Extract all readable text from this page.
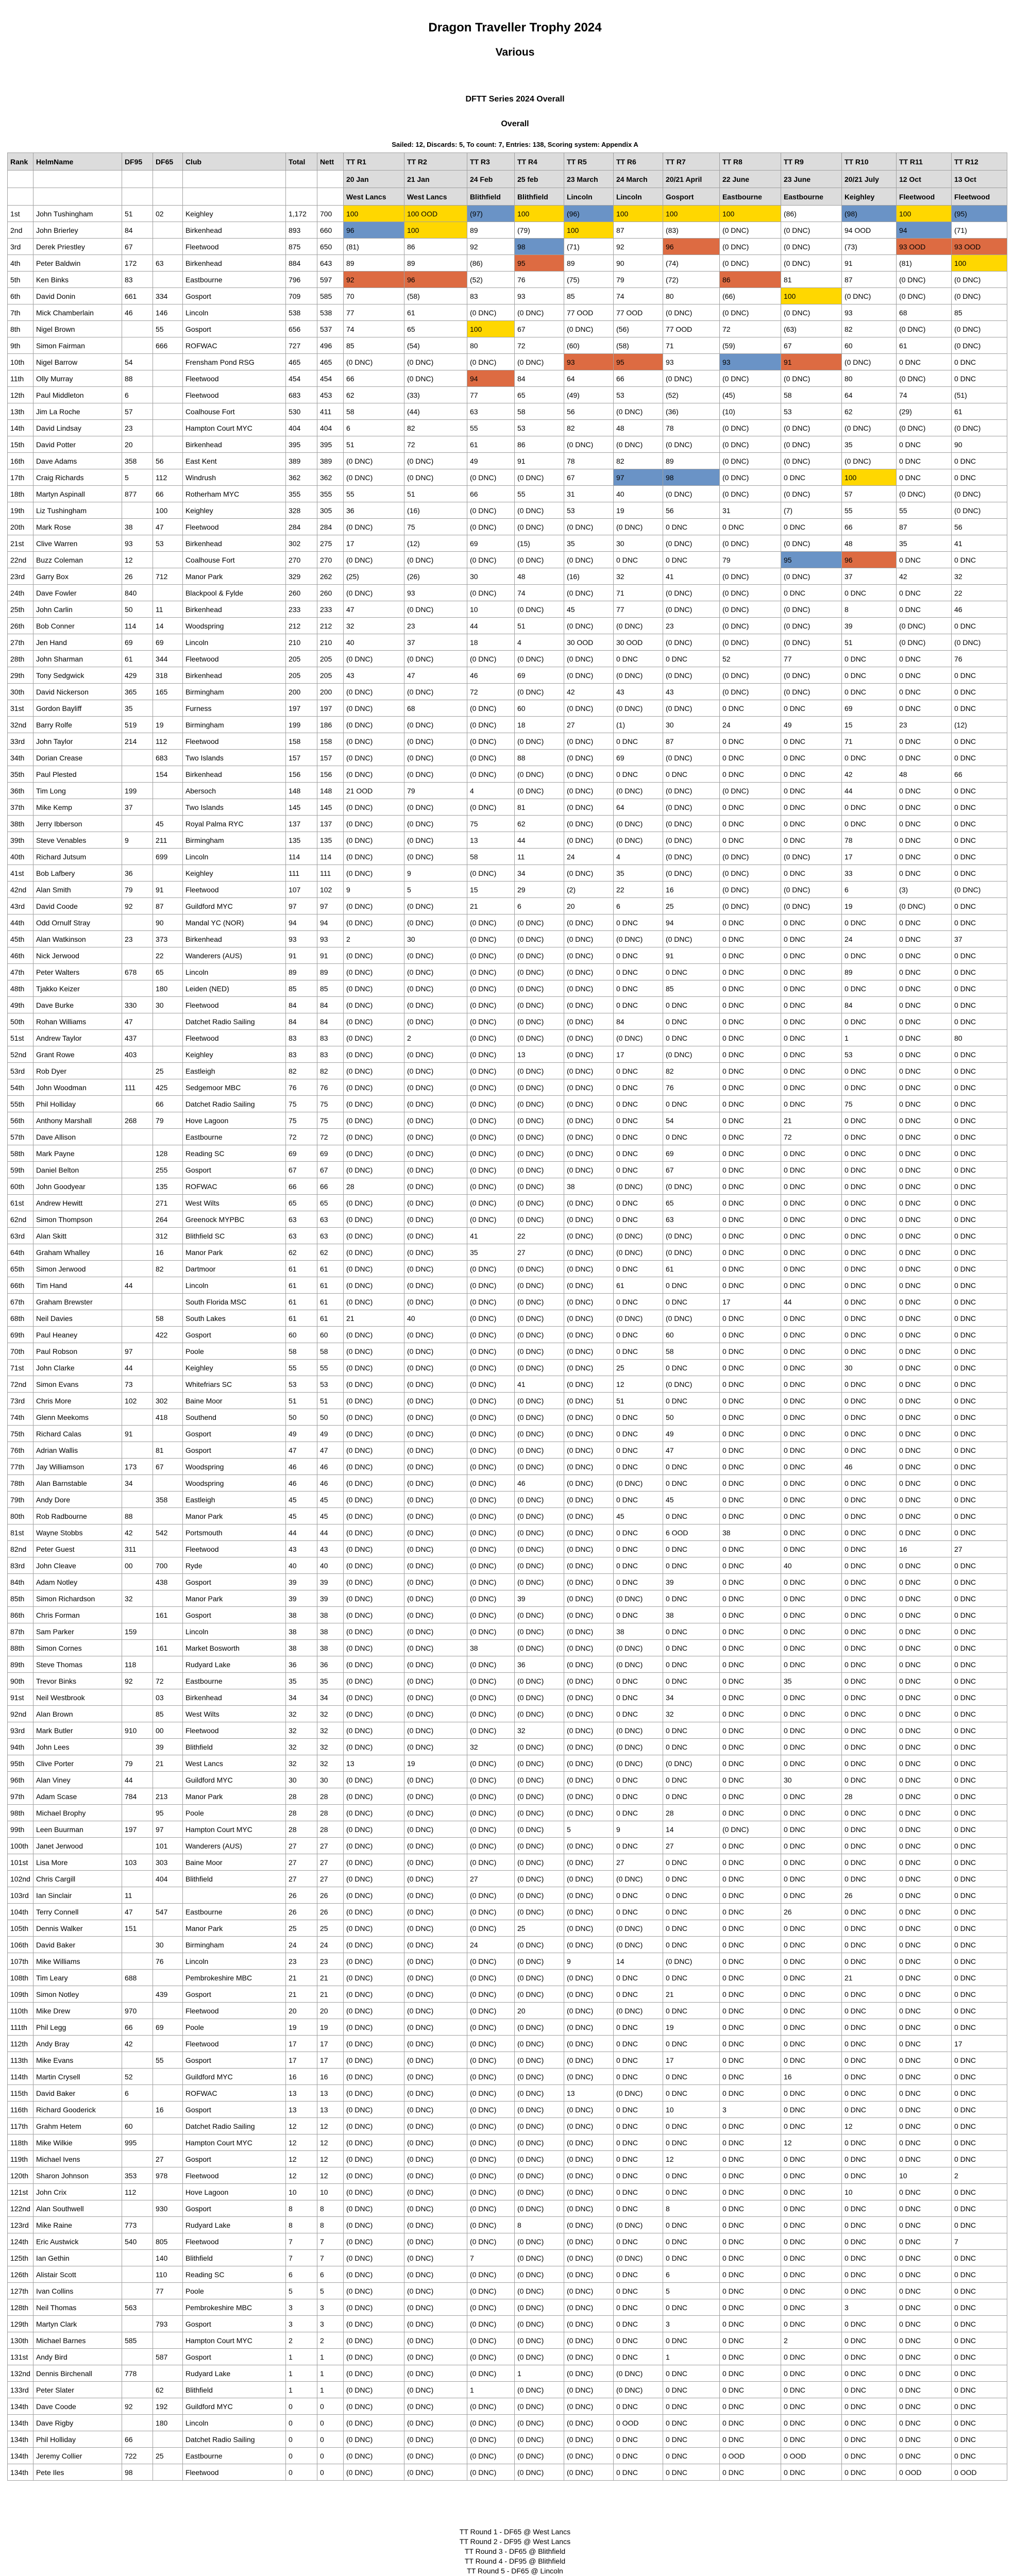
Dragon Traveller Trophy 2024
Various
DFTT Series 2024 Overall
Overall
Sailed: 12, Discards: 5, To count: 7, Entries: 138, Scoring system: Appendix A
Rank	HelmName	DF95	DF65	Club	Total	Nett	TT R1	TT R2	TT R3	TT R4	TT R5	TT R6	TT R7	TT R8	TT R9	TT R10	TT R11	TT R12
							20 Jan	21 Jan	24 Feb	25 feb	23 March	24 March	20/21 April	22 June	23 June	20/21 July	12 Oct	13 Oct
							West Lancs	West Lancs	Blithfield	Blithfield	Lincoln	Lincoln	Gosport	Eastbourne	Eastbourne	Keighley	Fleetwood	Fleetwood
1st	John Tushingham	51	02	Keighley	1,172	700	100	100 OOD	(97)	100	(96)	100	100	100	(86)	(98)	100	(95)
2nd	John Brierley	84		Birkenhead	893	660	96	100	89	(79)	100	87	(83)	(0 DNC)	(0 DNC)	94 OOD	94	(71)
3rd	Derek Priestley	67		Fleetwood	875	650	(81)	86	92	98	(71)	92	96	(0 DNC)	(0 DNC)	(73)	93 OOD	93 OOD
4th	Peter Baldwin	172	63	Birkenhead	884	643	89	89	(86)	95	89	90	(74)	(0 DNC)	(0 DNC)	91	(81)	100
5th	Ken Binks	83		Eastbourne	796	597	92	96	(52)	76	(75)	79	(72)	86	81	87	(0 DNC)	(0 DNC)
6th	David Donin	661	334	Gosport	709	585	70	(58)	83	93	85	74	80	(66)	100	(0 DNC)	(0 DNC)	(0 DNC)
7th	Mick Chamberlain	46	146	Lincoln	538	538	77	61	(0 DNC)	(0 DNC)	77 OOD	77 OOD	(0 DNC)	(0 DNC)	(0 DNC)	93	68	85
8th	Nigel Brown		55	Gosport	656	537	74	65	100	67	(0 DNC)	(56)	77 OOD	72	(63)	82	(0 DNC)	(0 DNC)
9th	Simon Fairman		666	ROFWAC	727	496	85	(54)	80	72	(60)	(58)	71	(59)	67	60	61	(0 DNC)
10th	Nigel Barrow	54		Frensham Pond RSG	465	465	(0 DNC)	(0 DNC)	(0 DNC)	(0 DNC)	93	95	93	93	91	(0 DNC)	0 DNC	0 DNC
11th	Olly Murray	88		Fleetwood	454	454	66	(0 DNC)	94	84	64	66	(0 DNC)	(0 DNC)	(0 DNC)	80	(0 DNC)	0 DNC
12th	Paul Middleton	6		Fleetwood	683	453	62	(33)	77	65	(49)	53	(52)	(45)	58	64	74	(51)
13th	Jim La Roche	57		Coalhouse Fort	530	411	58	(44)	63	58	56	(0 DNC)	(36)	(10)	53	62	(29)	61
14th	David Lindsay	23		Hampton Court MYC	404	404	6	82	55	53	82	48	78	(0 DNC)	(0 DNC)	(0 DNC)	(0 DNC)	(0 DNC)
15th	David Potter	20		Birkenhead	395	395	51	72	61	86	(0 DNC)	(0 DNC)	(0 DNC)	(0 DNC)	(0 DNC)	35	0 DNC	90
16th	Dave Adams	358	56	East Kent	389	389	(0 DNC)	(0 DNC)	49	91	78	82	89	(0 DNC)	(0 DNC)	(0 DNC)	0 DNC	0 DNC
17th	Craig Richards	5	112	Windrush	362	362	(0 DNC)	(0 DNC)	(0 DNC)	(0 DNC)	67	97	98	(0 DNC)	0 DNC	100	0 DNC	0 DNC
18th	Martyn Aspinall	877	66	Rotherham MYC	355	355	55	51	66	55	31	40	(0 DNC)	(0 DNC)	(0 DNC)	57	(0 DNC)	(0 DNC)
19th	Liz Tushingham		100	Keighley	328	305	36	(16)	(0 DNC)	(0 DNC)	53	19	56	31	(7)	55	55	(0 DNC)
20th	Mark Rose	38	47	Fleetwood	284	284	(0 DNC)	75	(0 DNC)	(0 DNC)	(0 DNC)	(0 DNC)	0 DNC	0 DNC	0 DNC	66	87	56
21st	Clive Warren	93	53	Birkenhead	302	275	17	(12)	69	(15)	35	30	(0 DNC)	(0 DNC)	(0 DNC)	48	35	41
22nd	Buzz Coleman	12		Coalhouse Fort	270	270	(0 DNC)	(0 DNC)	(0 DNC)	(0 DNC)	(0 DNC)	0 DNC	0 DNC	79	95	96	0 DNC	0 DNC
23rd	Garry Box	26	712	Manor Park	329	262	(25)	(26)	30	48	(16)	32	41	(0 DNC)	(0 DNC)	37	42	32
24th	Dave Fowler	840		Blackpool & Fylde	260	260	(0 DNC)	93	(0 DNC)	74	(0 DNC)	71	(0 DNC)	(0 DNC)	0 DNC	0 DNC	0 DNC	22
25th	John Carlin	50	11	Birkenhead	233	233	47	(0 DNC)	10	(0 DNC)	45	77	(0 DNC)	(0 DNC)	(0 DNC)	8	0 DNC	46
26th	Bob Conner	114	14	Woodspring	212	212	32	23	44	51	(0 DNC)	(0 DNC)	23	(0 DNC)	(0 DNC)	39	(0 DNC)	0 DNC
27th	Jen Hand	69	69	Lincoln	210	210	40	37	18	4	30 OOD	30 OOD	(0 DNC)	(0 DNC)	(0 DNC)	51	(0 DNC)	(0 DNC)
28th	John Sharman	61	344	Fleetwood	205	205	(0 DNC)	(0 DNC)	(0 DNC)	(0 DNC)	(0 DNC)	0 DNC	0 DNC	52	77	0 DNC	0 DNC	76
29th	Tony Sedgwick	429	318	Birkenhead	205	205	43	47	46	69	(0 DNC)	(0 DNC)	(0 DNC)	(0 DNC)	(0 DNC)	0 DNC	0 DNC	0 DNC
30th	David Nickerson	365	165	Birmingham	200	200	(0 DNC)	(0 DNC)	72	(0 DNC)	42	43	43	(0 DNC)	(0 DNC)	0 DNC	0 DNC	0 DNC
31st	Gordon Bayliff	35		Furness	197	197	(0 DNC)	68	(0 DNC)	60	(0 DNC)	(0 DNC)	(0 DNC)	0 DNC	0 DNC	69	0 DNC	0 DNC
32nd	Barry Rolfe	519	19	Birmingham	199	186	(0 DNC)	(0 DNC)	(0 DNC)	18	27	(1)	30	24	49	15	23	(12)
33rd	John Taylor	214	112	Fleetwood	158	158	(0 DNC)	(0 DNC)	(0 DNC)	(0 DNC)	(0 DNC)	0 DNC	87	0 DNC	0 DNC	71	0 DNC	0 DNC
34th	Dorian Crease		683	Two Islands	157	157	(0 DNC)	(0 DNC)	(0 DNC)	88	(0 DNC)	69	(0 DNC)	0 DNC	0 DNC	0 DNC	0 DNC	0 DNC
35th	Paul Plested		154	Birkenhead	156	156	(0 DNC)	(0 DNC)	(0 DNC)	(0 DNC)	(0 DNC)	0 DNC	0 DNC	0 DNC	0 DNC	42	48	66
36th	Tim Long	199		Abersoch	148	148	21 OOD	79	4	(0 DNC)	(0 DNC)	(0 DNC)	(0 DNC)	(0 DNC)	0 DNC	44	0 DNC	0 DNC
37th	Mike Kemp	37		Two Islands	145	145	(0 DNC)	(0 DNC)	(0 DNC)	81	(0 DNC)	64	(0 DNC)	0 DNC	0 DNC	0 DNC	0 DNC	0 DNC
38th	Jerry Ibberson		45	Royal Palma RYC	137	137	(0 DNC)	(0 DNC)	75	62	(0 DNC)	(0 DNC)	(0 DNC)	0 DNC	0 DNC	0 DNC	0 DNC	0 DNC
39th	Steve Venables	9	211	Birmingham	135	135	(0 DNC)	(0 DNC)	13	44	(0 DNC)	(0 DNC)	(0 DNC)	0 DNC	0 DNC	78	0 DNC	0 DNC
40th	Richard Jutsum		699	Lincoln	114	114	(0 DNC)	(0 DNC)	58	11	24	4	(0 DNC)	(0 DNC)	(0 DNC)	17	0 DNC	0 DNC
41st	Bob Lafbery	36		Keighley	111	111	(0 DNC)	9	(0 DNC)	34	(0 DNC)	35	(0 DNC)	(0 DNC)	0 DNC	33	0 DNC	0 DNC
42nd	Alan Smith	79	91	Fleetwood	107	102	9	5	15	29	(2)	22	16	(0 DNC)	(0 DNC)	6	(3)	(0 DNC)
43rd	David Coode	92	87	Guildford MYC	97	97	(0 DNC)	(0 DNC)	21	6	20	6	25	(0 DNC)	(0 DNC)	19	(0 DNC)	0 DNC
44th	Odd Ornulf Stray		90	Mandal YC (NOR)	94	94	(0 DNC)	(0 DNC)	(0 DNC)	(0 DNC)	(0 DNC)	0 DNC	94	0 DNC	0 DNC	0 DNC	0 DNC	0 DNC
45th	Alan Watkinson	23	373	Birkenhead	93	93	2	30	(0 DNC)	(0 DNC)	(0 DNC)	(0 DNC)	(0 DNC)	0 DNC	0 DNC	24	0 DNC	37
46th	Nick Jerwood		22	Wanderers (AUS)	91	91	(0 DNC)	(0 DNC)	(0 DNC)	(0 DNC)	(0 DNC)	0 DNC	91	0 DNC	0 DNC	0 DNC	0 DNC	0 DNC
47th	Peter Walters	678	65	Lincoln	89	89	(0 DNC)	(0 DNC)	(0 DNC)	(0 DNC)	(0 DNC)	0 DNC	0 DNC	0 DNC	0 DNC	89	0 DNC	0 DNC
48th	Tjakko Keizer		180	Leiden (NED)	85	85	(0 DNC)	(0 DNC)	(0 DNC)	(0 DNC)	(0 DNC)	0 DNC	85	0 DNC	0 DNC	0 DNC	0 DNC	0 DNC
49th	Dave Burke	330	30	Fleetwood	84	84	(0 DNC)	(0 DNC)	(0 DNC)	(0 DNC)	(0 DNC)	0 DNC	0 DNC	0 DNC	0 DNC	84	0 DNC	0 DNC
50th	Rohan Williams	47		Datchet Radio Sailing	84	84	(0 DNC)	(0 DNC)	(0 DNC)	(0 DNC)	(0 DNC)	84	0 DNC	0 DNC	0 DNC	0 DNC	0 DNC	0 DNC
51st	Andrew Taylor	437		Fleetwood	83	83	(0 DNC)	2	(0 DNC)	(0 DNC)	(0 DNC)	(0 DNC)	0 DNC	0 DNC	0 DNC	1	0 DNC	80
52nd	Grant Rowe	403		Keighley	83	83	(0 DNC)	(0 DNC)	(0 DNC)	13	(0 DNC)	17	(0 DNC)	0 DNC	0 DNC	53	0 DNC	0 DNC
53rd	Rob Dyer		25	Eastleigh	82	82	(0 DNC)	(0 DNC)	(0 DNC)	(0 DNC)	(0 DNC)	0 DNC	82	0 DNC	0 DNC	0 DNC	0 DNC	0 DNC
54th	John Woodman	111	425	Sedgemoor MBC	76	76	(0 DNC)	(0 DNC)	(0 DNC)	(0 DNC)	(0 DNC)	0 DNC	76	0 DNC	0 DNC	0 DNC	0 DNC	0 DNC
55th	Phil Holliday		66	Datchet Radio Sailing	75	75	(0 DNC)	(0 DNC)	(0 DNC)	(0 DNC)	(0 DNC)	0 DNC	0 DNC	0 DNC	0 DNC	75	0 DNC	0 DNC
56th	Anthony Marshall	268	79	Hove Lagoon	75	75	(0 DNC)	(0 DNC)	(0 DNC)	(0 DNC)	(0 DNC)	0 DNC	54	0 DNC	21	0 DNC	0 DNC	0 DNC
57th	Dave Allison			Eastbourne	72	72	(0 DNC)	(0 DNC)	(0 DNC)	(0 DNC)	(0 DNC)	0 DNC	0 DNC	0 DNC	72	0 DNC	0 DNC	0 DNC
58th	Mark Payne		128	Reading SC	69	69	(0 DNC)	(0 DNC)	(0 DNC)	(0 DNC)	(0 DNC)	0 DNC	69	0 DNC	0 DNC	0 DNC	0 DNC	0 DNC
59th	Daniel Belton		255	Gosport	67	67	(0 DNC)	(0 DNC)	(0 DNC)	(0 DNC)	(0 DNC)	0 DNC	67	0 DNC	0 DNC	0 DNC	0 DNC	0 DNC
60th	John Goodyear		135	ROFWAC	66	66	28	(0 DNC)	(0 DNC)	(0 DNC)	38	(0 DNC)	(0 DNC)	0 DNC	0 DNC	0 DNC	0 DNC	0 DNC
61st	Andrew Hewitt		271	West Wilts	65	65	(0 DNC)	(0 DNC)	(0 DNC)	(0 DNC)	(0 DNC)	0 DNC	65	0 DNC	0 DNC	0 DNC	0 DNC	0 DNC
62nd	Simon Thompson		264	Greenock MYPBC	63	63	(0 DNC)	(0 DNC)	(0 DNC)	(0 DNC)	(0 DNC)	0 DNC	63	0 DNC	0 DNC	0 DNC	0 DNC	0 DNC
63rd	Alan Skitt		312	Blithfield SC	63	63	(0 DNC)	(0 DNC)	41	22	(0 DNC)	(0 DNC)	(0 DNC)	0 DNC	0 DNC	0 DNC	0 DNC	0 DNC
64th	Graham Whalley		16	Manor Park	62	62	(0 DNC)	(0 DNC)	35	27	(0 DNC)	(0 DNC)	(0 DNC)	0 DNC	0 DNC	0 DNC	0 DNC	0 DNC
65th	Simon Jerwood		82	Dartmoor	61	61	(0 DNC)	(0 DNC)	(0 DNC)	(0 DNC)	(0 DNC)	0 DNC	61	0 DNC	0 DNC	0 DNC	0 DNC	0 DNC
66th	Tim Hand	44		Lincoln	61	61	(0 DNC)	(0 DNC)	(0 DNC)	(0 DNC)	(0 DNC)	61	0 DNC	0 DNC	0 DNC	0 DNC	0 DNC	0 DNC
67th	Graham Brewster			South Florida MSC	61	61	(0 DNC)	(0 DNC)	(0 DNC)	(0 DNC)	(0 DNC)	0 DNC	0 DNC	17	44	0 DNC	0 DNC	0 DNC
68th	Neil Davies		58	South Lakes	61	61	21	40	(0 DNC)	(0 DNC)	(0 DNC)	(0 DNC)	(0 DNC)	0 DNC	0 DNC	0 DNC	0 DNC	0 DNC
69th	Paul Heaney		422	Gosport	60	60	(0 DNC)	(0 DNC)	(0 DNC)	(0 DNC)	(0 DNC)	0 DNC	60	0 DNC	0 DNC	0 DNC	0 DNC	0 DNC
70th	Paul Robson	97		Poole	58	58	(0 DNC)	(0 DNC)	(0 DNC)	(0 DNC)	(0 DNC)	0 DNC	58	0 DNC	0 DNC	0 DNC	0 DNC	0 DNC
71st	John Clarke	44		Keighley	55	55	(0 DNC)	(0 DNC)	(0 DNC)	(0 DNC)	(0 DNC)	25	0 DNC	0 DNC	0 DNC	30	0 DNC	0 DNC
72nd	Simon Evans	73		Whitefriars SC	53	53	(0 DNC)	(0 DNC)	(0 DNC)	41	(0 DNC)	12	(0 DNC)	0 DNC	0 DNC	0 DNC	0 DNC	0 DNC
73rd	Chris More	102	302	Baine Moor	51	51	(0 DNC)	(0 DNC)	(0 DNC)	(0 DNC)	(0 DNC)	51	0 DNC	0 DNC	0 DNC	0 DNC	0 DNC	0 DNC
74th	Glenn Meekoms		418	Southend	50	50	(0 DNC)	(0 DNC)	(0 DNC)	(0 DNC)	(0 DNC)	0 DNC	50	0 DNC	0 DNC	0 DNC	0 DNC	0 DNC
75th	Richard Calas	91		Gosport	49	49	(0 DNC)	(0 DNC)	(0 DNC)	(0 DNC)	(0 DNC)	0 DNC	49	0 DNC	0 DNC	0 DNC	0 DNC	0 DNC
76th	Adrian Wallis		81	Gosport	47	47	(0 DNC)	(0 DNC)	(0 DNC)	(0 DNC)	(0 DNC)	0 DNC	47	0 DNC	0 DNC	0 DNC	0 DNC	0 DNC
77th	Jay Williamson	173	67	Woodspring	46	46	(0 DNC)	(0 DNC)	(0 DNC)	(0 DNC)	(0 DNC)	0 DNC	0 DNC	0 DNC	0 DNC	46	0 DNC	0 DNC
78th	Alan Barnstable	34		Woodspring	46	46	(0 DNC)	(0 DNC)	(0 DNC)	46	(0 DNC)	(0 DNC)	0 DNC	0 DNC	0 DNC	0 DNC	0 DNC	0 DNC
79th	Andy Dore		358	Eastleigh	45	45	(0 DNC)	(0 DNC)	(0 DNC)	(0 DNC)	(0 DNC)	0 DNC	45	0 DNC	0 DNC	0 DNC	0 DNC	0 DNC
80th	Rob Radbourne	88		Manor Park	45	45	(0 DNC)	(0 DNC)	(0 DNC)	(0 DNC)	(0 DNC)	45	0 DNC	0 DNC	0 DNC	0 DNC	0 DNC	0 DNC
81st	Wayne Stobbs	42	542	Portsmouth	44	44	(0 DNC)	(0 DNC)	(0 DNC)	(0 DNC)	(0 DNC)	0 DNC	6 OOD	38	0 DNC	0 DNC	0 DNC	0 DNC
82nd	Peter Guest	311		Fleetwood	43	43	(0 DNC)	(0 DNC)	(0 DNC)	(0 DNC)	(0 DNC)	0 DNC	0 DNC	0 DNC	0 DNC	0 DNC	16	27
83rd	John Cleave	00	700	Ryde	40	40	(0 DNC)	(0 DNC)	(0 DNC)	(0 DNC)	(0 DNC)	0 DNC	0 DNC	0 DNC	40	0 DNC	0 DNC	0 DNC
84th	Adam Notley		438	Gosport	39	39	(0 DNC)	(0 DNC)	(0 DNC)	(0 DNC)	(0 DNC)	0 DNC	39	0 DNC	0 DNC	0 DNC	0 DNC	0 DNC
85th	Simon Richardson	32		Manor Park	39	39	(0 DNC)	(0 DNC)	(0 DNC)	39	(0 DNC)	(0 DNC)	0 DNC	0 DNC	0 DNC	0 DNC	0 DNC	0 DNC
86th	Chris Forman		161	Gosport	38	38	(0 DNC)	(0 DNC)	(0 DNC)	(0 DNC)	(0 DNC)	0 DNC	38	0 DNC	0 DNC	0 DNC	0 DNC	0 DNC
87th	Sam Parker	159		Lincoln	38	38	(0 DNC)	(0 DNC)	(0 DNC)	(0 DNC)	(0 DNC)	38	0 DNC	0 DNC	0 DNC	0 DNC	0 DNC	0 DNC
88th	Simon Cornes		161	Market Bosworth	38	38	(0 DNC)	(0 DNC)	38	(0 DNC)	(0 DNC)	(0 DNC)	0 DNC	0 DNC	0 DNC	0 DNC	0 DNC	0 DNC
89th	Steve Thomas	118		Rudyard Lake	36	36	(0 DNC)	(0 DNC)	(0 DNC)	36	(0 DNC)	(0 DNC)	0 DNC	0 DNC	0 DNC	0 DNC	0 DNC	0 DNC
90th	Trevor Binks	92	72	Eastbourne	35	35	(0 DNC)	(0 DNC)	(0 DNC)	(0 DNC)	(0 DNC)	0 DNC	0 DNC	0 DNC	35	0 DNC	0 DNC	0 DNC
91st	Neil Westbrook		03	Birkenhead	34	34	(0 DNC)	(0 DNC)	(0 DNC)	(0 DNC)	(0 DNC)	0 DNC	34	0 DNC	0 DNC	0 DNC	0 DNC	0 DNC
92nd	Alan Brown		85	West Wilts	32	32	(0 DNC)	(0 DNC)	(0 DNC)	(0 DNC)	(0 DNC)	0 DNC	32	0 DNC	0 DNC	0 DNC	0 DNC	0 DNC
93rd	Mark Butler	910	00	Fleetwood	32	32	(0 DNC)	(0 DNC)	(0 DNC)	32	(0 DNC)	(0 DNC)	0 DNC	0 DNC	0 DNC	0 DNC	0 DNC	0 DNC
94th	John Lees		39	Blithfield	32	32	(0 DNC)	(0 DNC)	32	(0 DNC)	(0 DNC)	(0 DNC)	0 DNC	0 DNC	0 DNC	0 DNC	0 DNC	0 DNC
95th	Clive Porter	79	21	West Lancs	32	32	13	19	(0 DNC)	(0 DNC)	(0 DNC)	(0 DNC)	(0 DNC)	0 DNC	0 DNC	0 DNC	0 DNC	0 DNC
96th	Alan Viney	44		Guildford MYC	30	30	(0 DNC)	(0 DNC)	(0 DNC)	(0 DNC)	(0 DNC)	0 DNC	0 DNC	0 DNC	30	0 DNC	0 DNC	0 DNC
97th	Adam Scase	784	213	Manor Park	28	28	(0 DNC)	(0 DNC)	(0 DNC)	(0 DNC)	(0 DNC)	0 DNC	0 DNC	0 DNC	0 DNC	28	0 DNC	0 DNC
98th	Michael Brophy		95	Poole	28	28	(0 DNC)	(0 DNC)	(0 DNC)	(0 DNC)	(0 DNC)	0 DNC	28	0 DNC	0 DNC	0 DNC	0 DNC	0 DNC
99th	Leen Buurman	197	97	Hampton Court MYC	28	28	(0 DNC)	(0 DNC)	(0 DNC)	(0 DNC)	5	9	14	(0 DNC)	0 DNC	0 DNC	0 DNC	0 DNC
100th	Janet Jerwood		101	Wanderers (AUS)	27	27	(0 DNC)	(0 DNC)	(0 DNC)	(0 DNC)	(0 DNC)	0 DNC	27	0 DNC	0 DNC	0 DNC	0 DNC	0 DNC
101st	Lisa More	103	303	Baine Moor	27	27	(0 DNC)	(0 DNC)	(0 DNC)	(0 DNC)	(0 DNC)	27	0 DNC	0 DNC	0 DNC	0 DNC	0 DNC	0 DNC
102nd	Chris Cargill		404	Blithfield	27	27	(0 DNC)	(0 DNC)	27	(0 DNC)	(0 DNC)	(0 DNC)	0 DNC	0 DNC	0 DNC	0 DNC	0 DNC	0 DNC
103rd	Ian Sinclair	11			26	26	(0 DNC)	(0 DNC)	(0 DNC)	(0 DNC)	(0 DNC)	0 DNC	0 DNC	0 DNC	0 DNC	26	0 DNC	0 DNC
104th	Terry Connell	47	547	Eastbourne	26	26	(0 DNC)	(0 DNC)	(0 DNC)	(0 DNC)	(0 DNC)	0 DNC	0 DNC	0 DNC	26	0 DNC	0 DNC	0 DNC
105th	Dennis Walker	151		Manor Park	25	25	(0 DNC)	(0 DNC)	(0 DNC)	25	(0 DNC)	(0 DNC)	0 DNC	0 DNC	0 DNC	0 DNC	0 DNC	0 DNC
106th	David Baker		30	Birmingham	24	24	(0 DNC)	(0 DNC)	24	(0 DNC)	(0 DNC)	(0 DNC)	0 DNC	0 DNC	0 DNC	0 DNC	0 DNC	0 DNC
107th	Mike Williams		76	Lincoln	23	23	(0 DNC)	(0 DNC)	(0 DNC)	(0 DNC)	9	14	(0 DNC)	0 DNC	0 DNC	0 DNC	0 DNC	0 DNC
108th	Tim Leary	688		Pembrokeshire MBC	21	21	(0 DNC)	(0 DNC)	(0 DNC)	(0 DNC)	(0 DNC)	0 DNC	0 DNC	0 DNC	0 DNC	21	0 DNC	0 DNC
109th	Simon Notley		439	Gosport	21	21	(0 DNC)	(0 DNC)	(0 DNC)	(0 DNC)	(0 DNC)	0 DNC	21	0 DNC	0 DNC	0 DNC	0 DNC	0 DNC
110th	Mike Drew	970		Fleetwood	20	20	(0 DNC)	(0 DNC)	(0 DNC)	20	(0 DNC)	(0 DNC)	0 DNC	0 DNC	0 DNC	0 DNC	0 DNC	0 DNC
111th	Phil Legg	66	69	Poole	19	19	(0 DNC)	(0 DNC)	(0 DNC)	(0 DNC)	(0 DNC)	0 DNC	19	0 DNC	0 DNC	0 DNC	0 DNC	0 DNC
112th	Andy Bray	42		Fleetwood	17	17	(0 DNC)	(0 DNC)	(0 DNC)	(0 DNC)	(0 DNC)	0 DNC	0 DNC	0 DNC	0 DNC	0 DNC	0 DNC	17
113th	Mike Evans		55	Gosport	17	17	(0 DNC)	(0 DNC)	(0 DNC)	(0 DNC)	(0 DNC)	0 DNC	17	0 DNC	0 DNC	0 DNC	0 DNC	0 DNC
114th	Martin Crysell	52		Guildford MYC	16	16	(0 DNC)	(0 DNC)	(0 DNC)	(0 DNC)	(0 DNC)	0 DNC	0 DNC	0 DNC	16	0 DNC	0 DNC	0 DNC
115th	David Baker	6		ROFWAC	13	13	(0 DNC)	(0 DNC)	(0 DNC)	(0 DNC)	13	(0 DNC)	0 DNC	0 DNC	0 DNC	0 DNC	0 DNC	0 DNC
116th	Richard Gooderick		16	Gosport	13	13	(0 DNC)	(0 DNC)	(0 DNC)	(0 DNC)	(0 DNC)	0 DNC	10	3	0 DNC	0 DNC	0 DNC	0 DNC
117th	Grahm Hetem	60		Datchet Radio Sailing	12	12	(0 DNC)	(0 DNC)	(0 DNC)	(0 DNC)	(0 DNC)	0 DNC	0 DNC	0 DNC	0 DNC	12	0 DNC	0 DNC
118th	Mike Wilkie	995		Hampton Court MYC	12	12	(0 DNC)	(0 DNC)	(0 DNC)	(0 DNC)	(0 DNC)	0 DNC	0 DNC	0 DNC	12	0 DNC	0 DNC	0 DNC
119th	Michael Ivens		27	Gosport	12	12	(0 DNC)	(0 DNC)	(0 DNC)	(0 DNC)	(0 DNC)	0 DNC	12	0 DNC	0 DNC	0 DNC	0 DNC	0 DNC
120th	Sharon Johnson	353	978	Fleetwood	12	12	(0 DNC)	(0 DNC)	(0 DNC)	(0 DNC)	(0 DNC)	0 DNC	0 DNC	0 DNC	0 DNC	0 DNC	10	2
121st	John Crix	112		Hove Lagoon	10	10	(0 DNC)	(0 DNC)	(0 DNC)	(0 DNC)	(0 DNC)	0 DNC	0 DNC	0 DNC	0 DNC	10	0 DNC	0 DNC
122nd	Alan Southwell		930	Gosport	8	8	(0 DNC)	(0 DNC)	(0 DNC)	(0 DNC)	(0 DNC)	0 DNC	8	0 DNC	0 DNC	0 DNC	0 DNC	0 DNC
123rd	Mike Raine	773		Rudyard Lake	8	8	(0 DNC)	(0 DNC)	(0 DNC)	8	(0 DNC)	(0 DNC)	0 DNC	0 DNC	0 DNC	0 DNC	0 DNC	0 DNC
124th	Eric Austwick	540	805	Fleetwood	7	7	(0 DNC)	(0 DNC)	(0 DNC)	(0 DNC)	(0 DNC)	0 DNC	0 DNC	0 DNC	0 DNC	0 DNC	0 DNC	7
125th	Ian Gethin		140	Blithfield	7	7	(0 DNC)	(0 DNC)	7	(0 DNC)	(0 DNC)	(0 DNC)	0 DNC	0 DNC	0 DNC	0 DNC	0 DNC	0 DNC
126th	Alistair Scott		110	Reading SC	6	6	(0 DNC)	(0 DNC)	(0 DNC)	(0 DNC)	(0 DNC)	0 DNC	6	0 DNC	0 DNC	0 DNC	0 DNC	0 DNC
127th	Ivan Collins		77	Poole	5	5	(0 DNC)	(0 DNC)	(0 DNC)	(0 DNC)	(0 DNC)	0 DNC	5	0 DNC	0 DNC	0 DNC	0 DNC	0 DNC
128th	Neil Thomas	563		Pembrokeshire MBC	3	3	(0 DNC)	(0 DNC)	(0 DNC)	(0 DNC)	(0 DNC)	0 DNC	0 DNC	0 DNC	0 DNC	3	0 DNC	0 DNC
129th	Martyn Clark		793	Gosport	3	3	(0 DNC)	(0 DNC)	(0 DNC)	(0 DNC)	(0 DNC)	0 DNC	3	0 DNC	0 DNC	0 DNC	0 DNC	0 DNC
130th	Michael Barnes	585		Hampton Court MYC	2	2	(0 DNC)	(0 DNC)	(0 DNC)	(0 DNC)	(0 DNC)	0 DNC	0 DNC	0 DNC	2	0 DNC	0 DNC	0 DNC
131st	Andy Bird		587	Gosport	1	1	(0 DNC)	(0 DNC)	(0 DNC)	(0 DNC)	(0 DNC)	0 DNC	1	0 DNC	0 DNC	0 DNC	0 DNC	0 DNC
132nd	Dennis Birchenall	778		Rudyard Lake	1	1	(0 DNC)	(0 DNC)	(0 DNC)	1	(0 DNC)	(0 DNC)	0 DNC	0 DNC	0 DNC	0 DNC	0 DNC	0 DNC
133rd	Peter Slater		62	Blithfield	1	1	(0 DNC)	(0 DNC)	1	(0 DNC)	(0 DNC)	(0 DNC)	0 DNC	0 DNC	0 DNC	0 DNC	0 DNC	0 DNC
134th	Dave Coode	92	192	Guildford MYC	0	0	(0 DNC)	(0 DNC)	(0 DNC)	(0 DNC)	(0 DNC)	0 DNC	0 DNC	0 DNC	0 DNC	0 DNC	0 DNC	0 DNC
134th	Dave Rigby		180	Lincoln	0	0	(0 DNC)	(0 DNC)	(0 DNC)	(0 DNC)	(0 DNC)	0 OOD	0 DNC	0 DNC	0 DNC	0 DNC	0 DNC	0 DNC
134th	Phil Holliday	66		Datchet Radio Sailing	0	0	(0 DNC)	(0 DNC)	(0 DNC)	(0 DNC)	(0 DNC)	0 DNC	0 DNC	0 DNC	0 DNC	0 DNC	0 DNC	0 DNC
134th	Jeremy Collier	722	25	Eastbourne	0	0	(0 DNC)	(0 DNC)	(0 DNC)	(0 DNC)	(0 DNC)	0 DNC	0 DNC	0 OOD	0 OOD	0 DNC	0 DNC	0 DNC
134th	Pete Iles	98		Fleetwood	0	0	(0 DNC)	(0 DNC)	(0 DNC)	(0 DNC)	(0 DNC)	0 DNC	0 DNC	0 DNC	0 DNC	0 DNC	0 OOD	0 OOD
TT Round 1 - DF65 @ West Lancs
TT Round 2 - DF95 @ West Lancs
TT Round 3 - DF65 @ Blithfield
TT Round 4 - DF95 @ Blithfield
TT Round 5 - DF65 @ Lincoln
